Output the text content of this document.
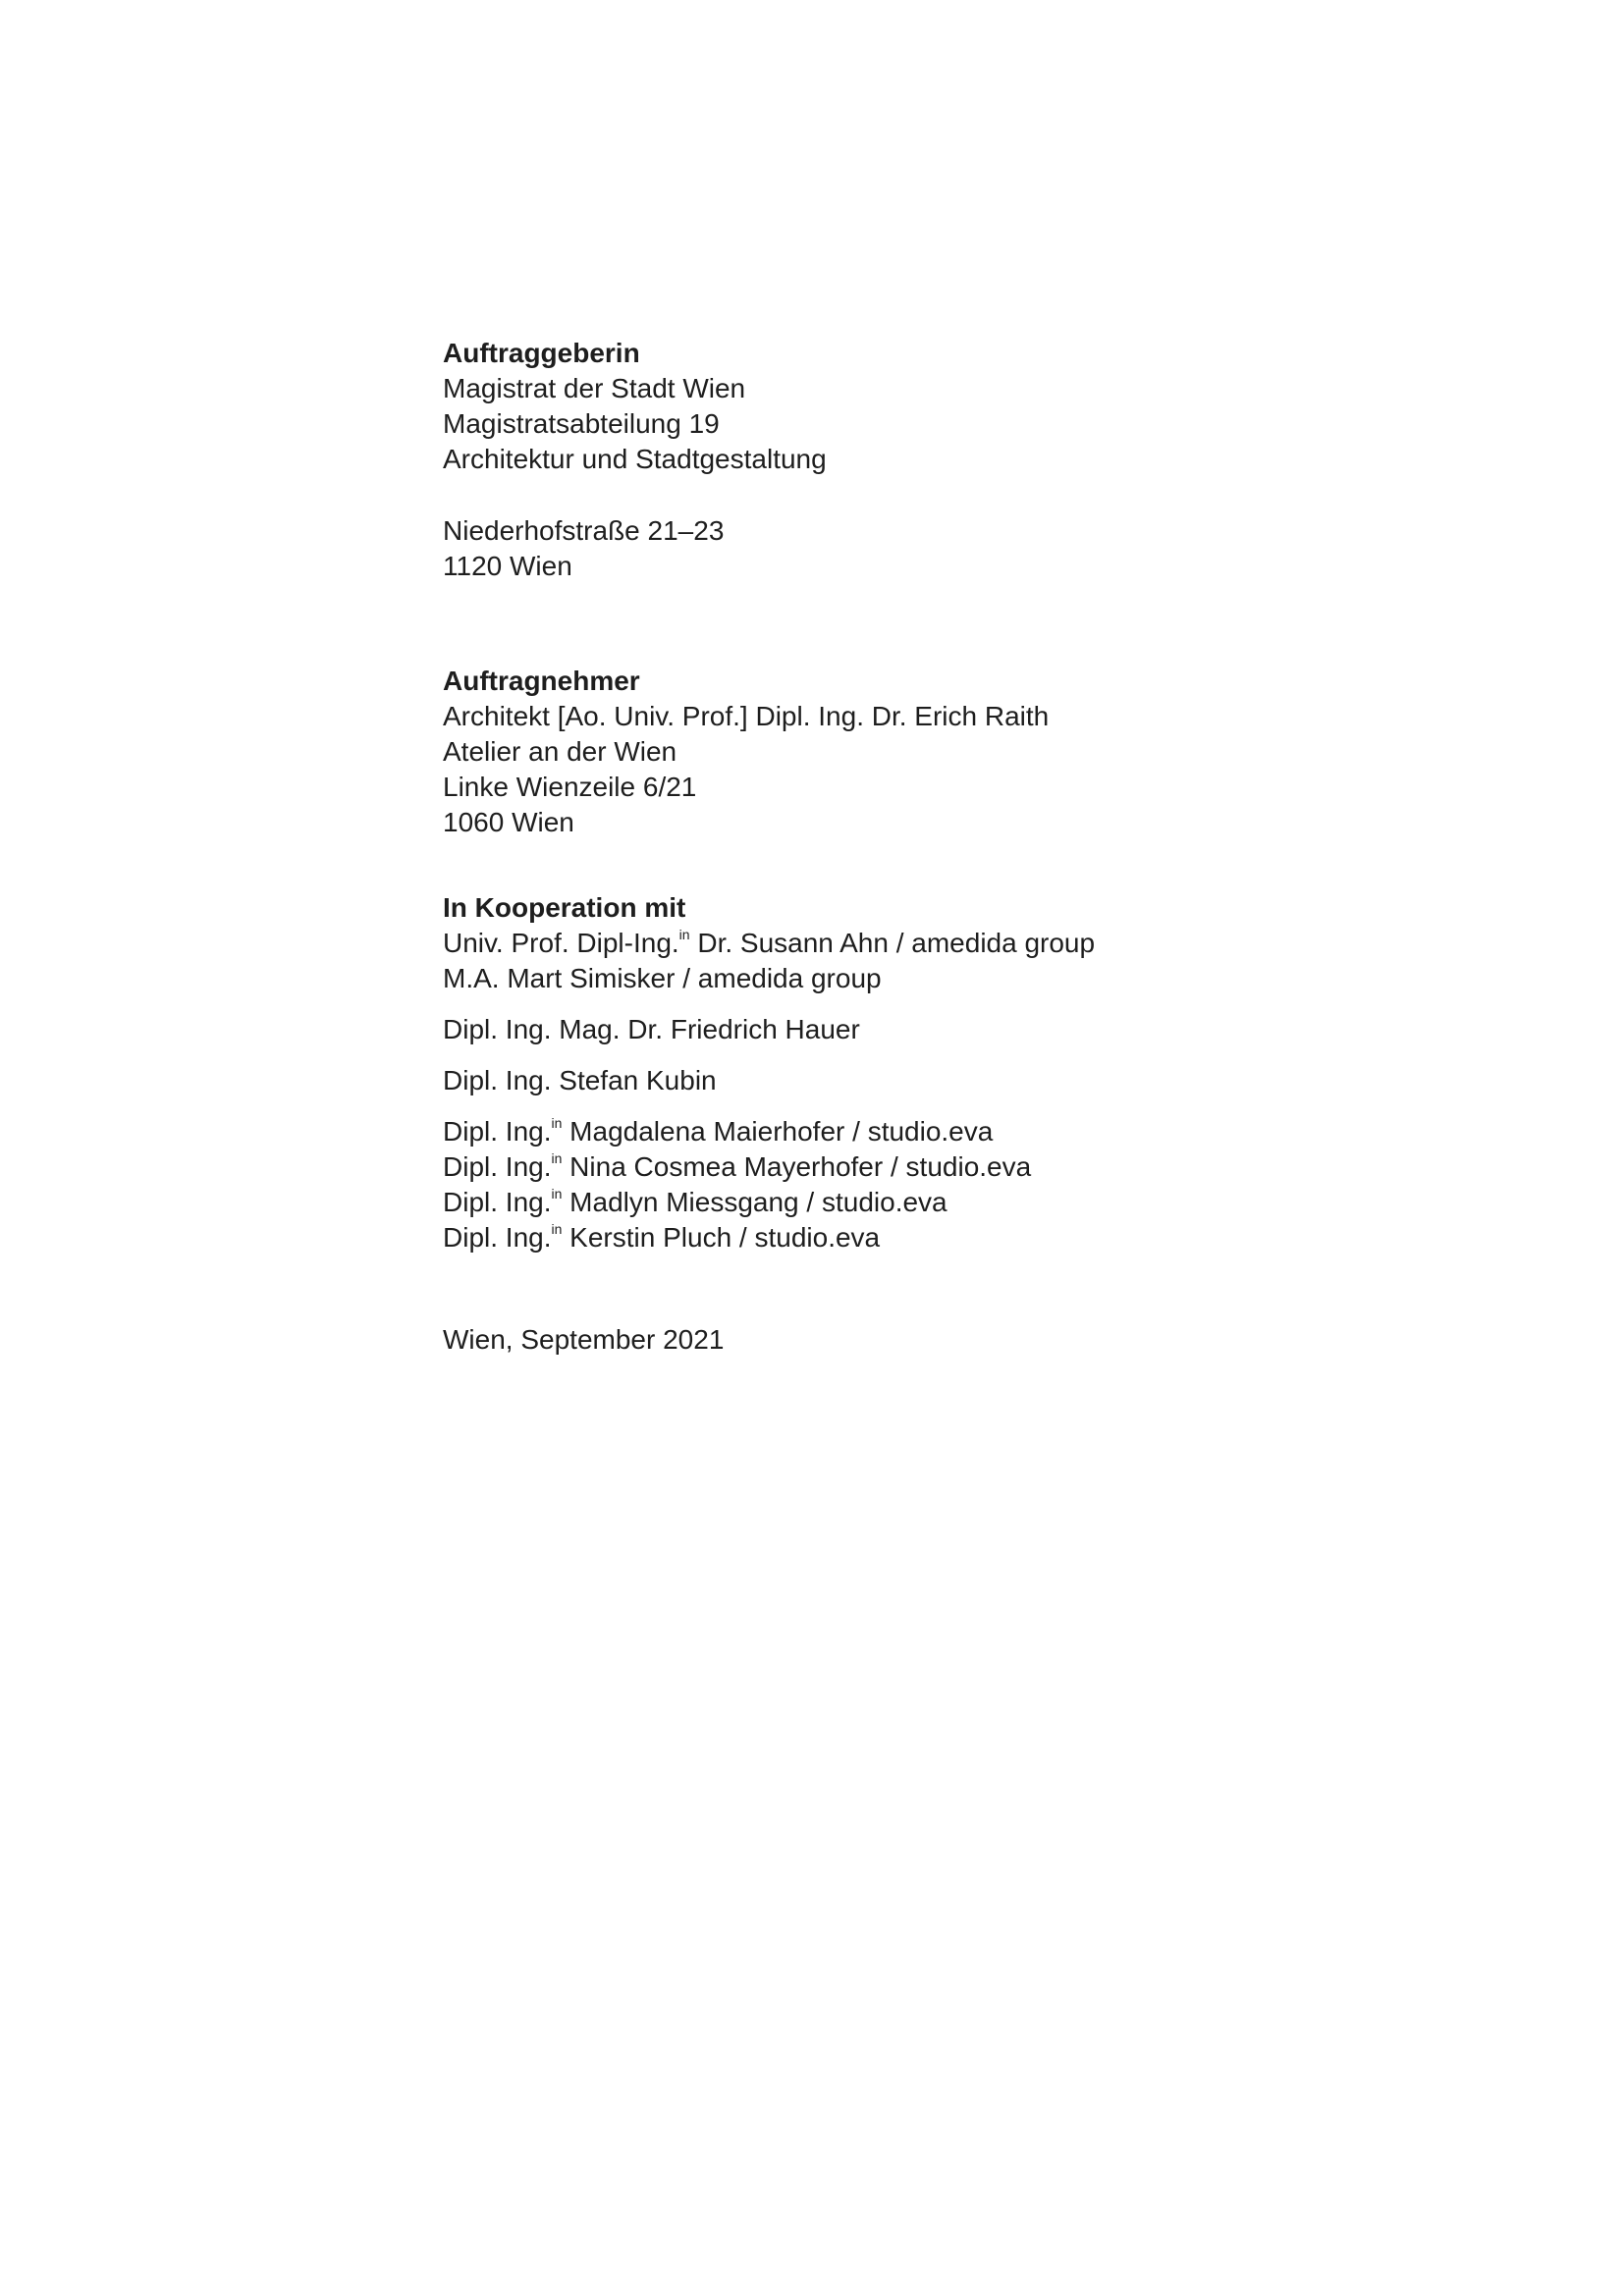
Auftraggeberin
Magistrat der Stadt Wien
Magistratsabteilung 19
Architektur und Stadtgestaltung
Niederhofstraße 21–23
1120 Wien
Auftragnehmer
Architekt [Ao. Univ. Prof.] Dipl. Ing. Dr. Erich Raith
Atelier an der Wien
Linke Wienzeile 6/21
1060 Wien
In Kooperation mit
Univ. Prof. Dipl-Ing.$^{in}$ Dr. Susann Ahn / amedida group
M.A. Mart Simisker / amedida group
Dipl. Ing. Mag. Dr. Friedrich Hauer
Dipl. Ing. Stefan Kubin
Dipl. Ing.$^{in}$ Magdalena Maierhofer / studio.eva
Dipl. Ing.$^{in}$ Nina Cosmea Mayerhofer / studio.eva
Dipl. Ing.$^{in}$ Madlyn Miessgang / studio.eva
Dipl. Ing.$^{in}$ Kerstin Pluch / studio.eva
Wien, September 2021
